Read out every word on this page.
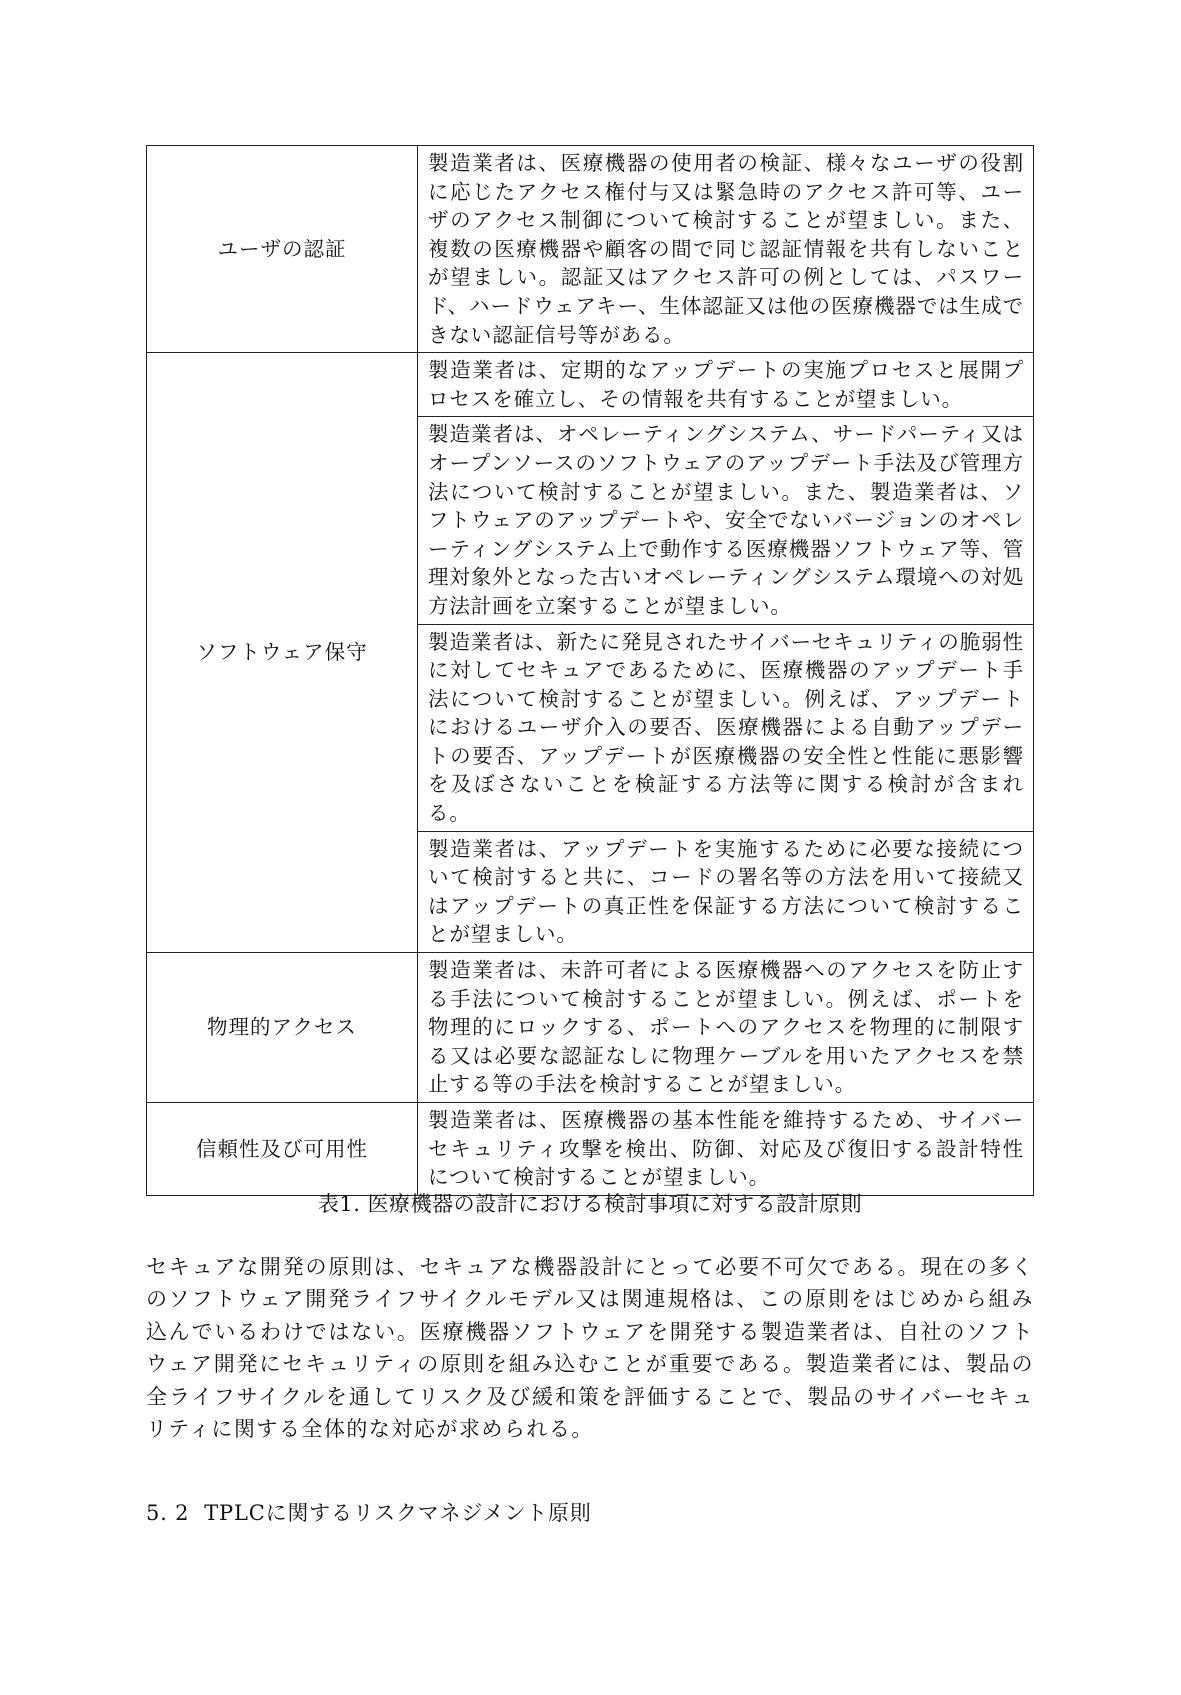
ユーザの認証	製造業者は、医療機器の使用者の検証、様々なユーザの役割に応じたアクセス権付与又は緊急時のアクセス許可等、ユーザのアクセス制御について検討することが望ましい。また、複数の医療機器や顧客の間で同じ認証情報を共有しないことが望ましい。認証又はアクセス許可の例としては、パスワード、ハードウェアキー、生体認証又は他の医療機器では生成できない認証信号等がある。
ソフトウェア保守	製造業者は、定期的なアップデートの実施プロセスと展開プロセスを確立し、その情報を共有することが望ましい。
	製造業者は、オペレーティングシステム、サードパーティ又はオープンソースのソフトウェアのアップデート手法及び管理方法について検討することが望ましい。また、製造業者は、ソフトウェアのアップデートや、安全でないバージョンのオペレーティングシステム上で動作する医療機器ソフトウェア等、管理対象外となった古いオペレーティングシステム環境への対処方法計画を立案することが望ましい。
	製造業者は、新たに発見されたサイバーセキュリティの脆弱性に対してセキュアであるために、医療機器のアップデート手法について検討することが望ましい。例えば、アップデートにおけるユーザ介入の要否、医療機器による自動アップデートの要否、アップデートが医療機器の安全性と性能に悪影響を及ぼさないことを検証する方法等に関する検討が含まれる。
	製造業者は、アップデートを実施するために必要な接続について検討すると共に、コードの署名等の方法を用いて接続又はアップデートの真正性を保証する方法について検討することが望ましい。
物理的アクセス	製造業者は、未許可者による医療機器へのアクセスを防止する手法について検討することが望ましい。例えば、ポートを物理的にロックする、ポートへのアクセスを物理的に制限する又は必要な認証なしに物理ケーブルを用いたアクセスを禁止する等の手法を検討することが望ましい。
信頼性及び可用性	製造業者は、医療機器の基本性能を維持するため、サイバーセキュリティ攻撃を検出、防御、対応及び復旧する設計特性について検討することが望ましい。
表1. 医療機器の設計における検討事項に対する設計原則

セキュアな開発の原則は、セキュアな機器設計にとって必要不可欠である。現在の多くのソフトウェア開発ライフサイクルモデル又は関連規格は、この原則をはじめから組み込んでいるわけではない。医療機器ソフトウェアを開発する製造業者は、自社のソフトウェア開発にセキュリティの原則を組み込むことが重要である。製造業者には、製品の全ライフサイクルを通してリスク及び緩和策を評価することで、製品のサイバーセキュリティに関する全体的な対応が求められる。

5. 2  TPLCに関するリスクマネジメント原則
